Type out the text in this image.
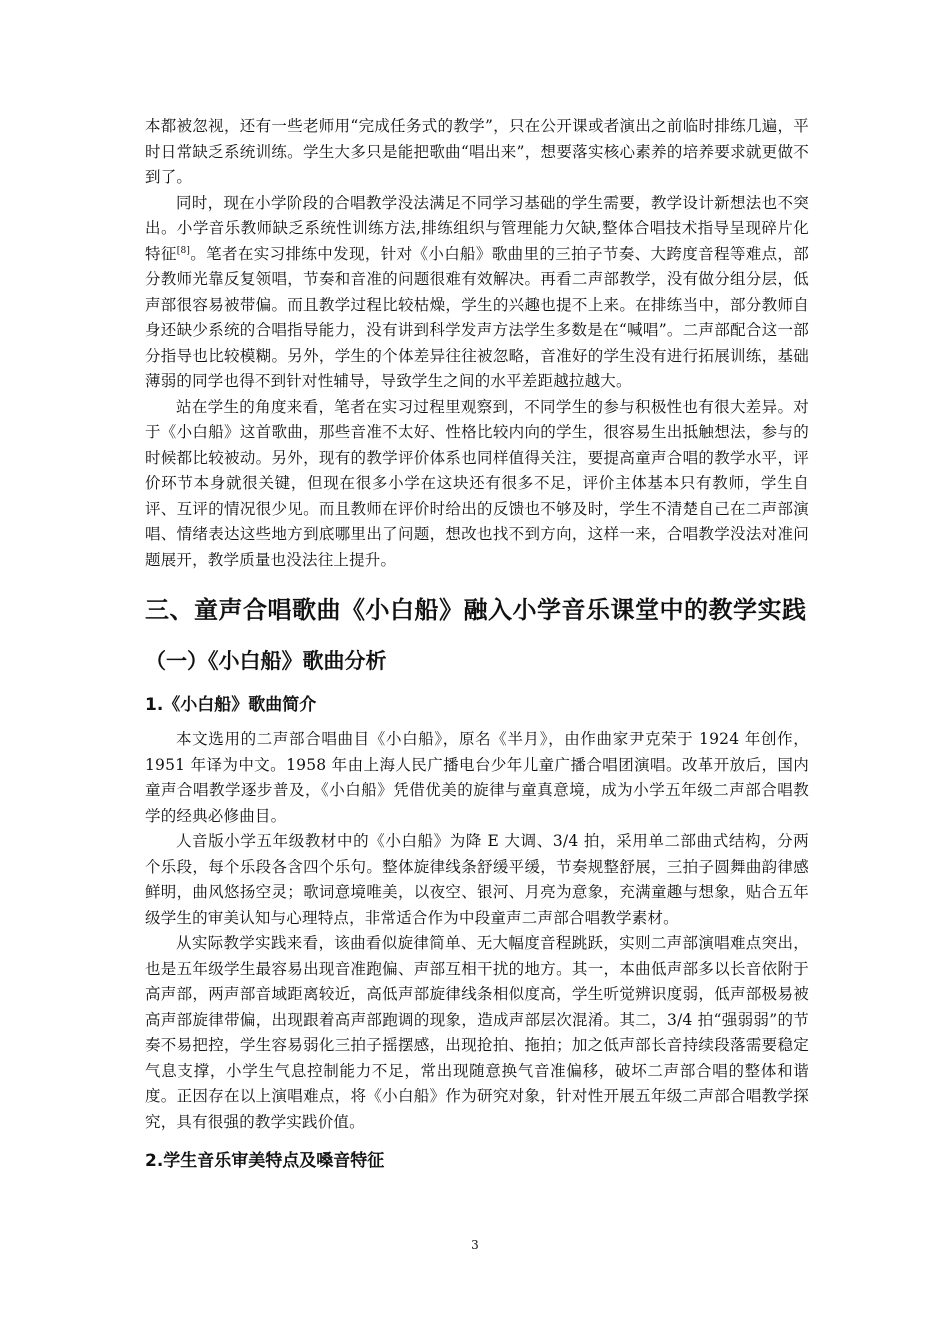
本都被忽视，还有一些老师用“完成任务式的教学”，只在公开课或者演出之前临时排练几遍，平时日常缺乏系统训练。学生大多只是能把歌曲“唱出来”，想要落实核心素养的培养要求就更做不到了。

同时，现在小学阶段的合唱教学没法满足不同学习基础的学生需要，教学设计新想法也不突出。小学音乐教师缺乏系统性训练方法,排练组织与管理能力欠缺,整体合唱技术指导呈现碎片化特征[8]。笔者在实习排练中发现，针对《小白船》歌曲里的三拍子节奏、大跨度音程等难点，部分教师光靠反复领唱，节奏和音准的问题很难有效解决。再看二声部教学，没有做分组分层，低声部很容易被带偏。而且教学过程比较枯燥，学生的兴趣也提不上来。在排练当中，部分教师自身还缺少系统的合唱指导能力，没有讲到科学发声方法学生多数是在“喊唱”。二声部配合这一部分指导也比较模糊。另外，学生的个体差异往往被忽略，音准好的学生没有进行拓展训练，基础薄弱的同学也得不到针对性辅导，导致学生之间的水平差距越拉越大。

站在学生的角度来看，笔者在实习过程里观察到，不同学生的参与积极性也有很大差异。对于《小白船》这首歌曲，那些音准不太好、性格比较内向的学生，很容易生出抵触想法，参与的时候都比较被动。另外，现有的教学评价体系也同样值得关注，要提高童声合唱的教学水平，评价环节本身就很关键，但现在很多小学在这块还有很多不足，评价主体基本只有教师，学生自评、互评的情况很少见。而且教师在评价时给出的反馈也不够及时，学生不清楚自己在二声部演唱、情绪表达这些地方到底哪里出了问题，想改也找不到方向，这样一来，合唱教学没法对准问题展开，教学质量也没法往上提升。

三、童声合唱歌曲《小白船》融入小学音乐课堂中的教学实践
（一）《小白船》歌曲分析
1.《小白船》歌曲简介

本文选用的二声部合唱曲目《小白船》，原名《半月》，由作曲家尹克荣于 1924 年创作，1951 年译为中文。1958 年由上海人民广播电台少年儿童广播合唱团演唱。改革开放后，国内童声合唱教学逐步普及，《小白船》凭借优美的旋律与童真意境，成为小学五年级二声部合唱教学的经典必修曲目。

人音版小学五年级教材中的《小白船》为降 E 大调、3/4 拍，采用单二部曲式结构，分两个乐段，每个乐段各含四个乐句。整体旋律线条舒缓平缓，节奏规整舒展，三拍子圆舞曲韵律感鲜明，曲风悠扬空灵；歌词意境唯美，以夜空、银河、月亮为意象，充满童趣与想象，贴合五年级学生的审美认知与心理特点，非常适合作为中段童声二声部合唱教学素材。

从实际教学实践来看，该曲看似旋律简单、无大幅度音程跳跃，实则二声部演唱难点突出，也是五年级学生最容易出现音准跑偏、声部互相干扰的地方。其一，本曲低声部多以长音依附于高声部，两声部音域距离较近，高低声部旋律线条相似度高，学生听觉辨识度弱，低声部极易被高声部旋律带偏，出现跟着高声部跑调的现象，造成声部层次混淆。其二，3/4 拍“强弱弱”的节奏不易把控，学生容易弱化三拍子摇摆感，出现抢拍、拖拍；加之低声部长音持续段落需要稳定气息支撑，小学生气息控制能力不足，常出现随意换气音准偏移，破坏二声部合唱的整体和谐度。正因存在以上演唱难点，将《小白船》作为研究对象，针对性开展五年级二声部合唱教学探究，具有很强的教学实践价值。

2.学生音乐审美特点及嗓音特征
3
